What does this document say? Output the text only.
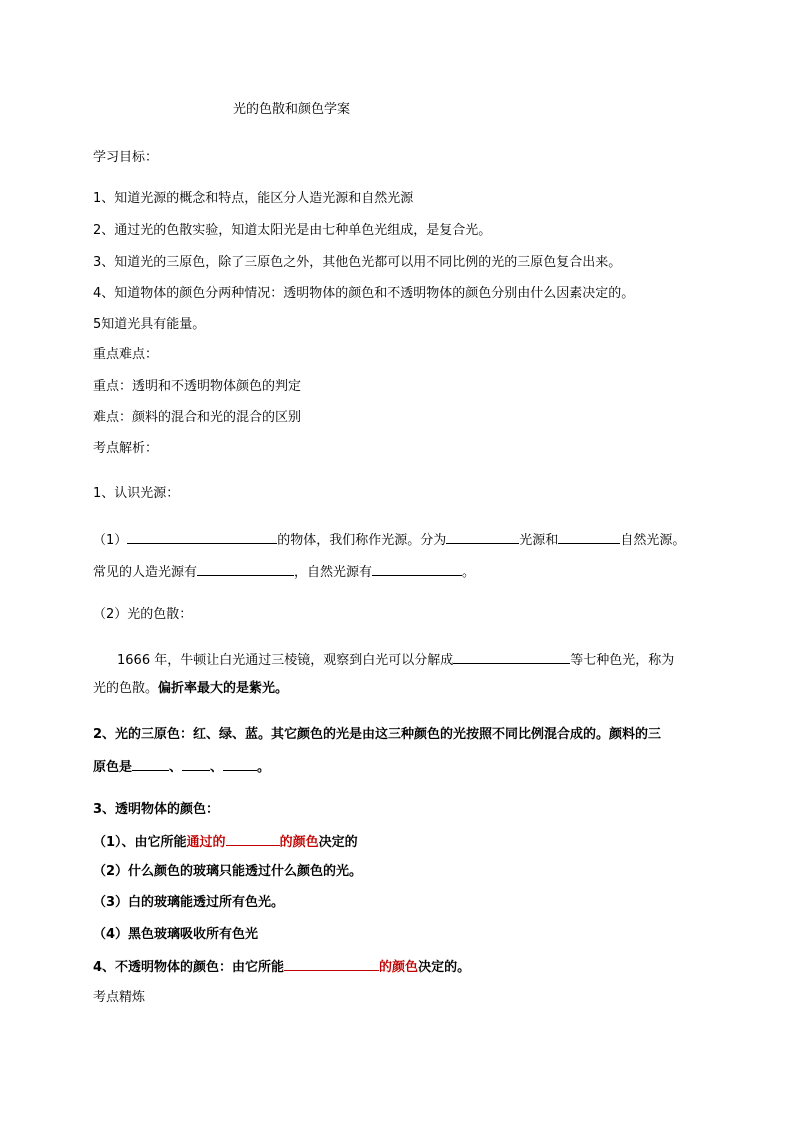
光的色散和颜色学案
学习目标：
1、知道光源的概念和特点，能区分人造光源和自然光源
2、通过光的色散实验，知道太阳光是由七种单色光组成，是复合光。
3、知道光的三原色，除了三原色之外，其他色光都可以用不同比例的光的三原色复合出来。
4、知道物体的颜色分两种情况：透明物体的颜色和不透明物体的颜色分别由什么因素决定的。
5知道光具有能量。
重点难点：
重点：透明和不透明物体颜色的判定
难点：颜料的混合和光的混合的区别
考点解析：
1、认识光源：
（1）	的物体，我们称作光源。分为	光源和	自然光源。
常见的人造光源有	，自然光源有	。
（2）光的色散：
1666 年，牛顿让白光通过三棱镜，观察到白光可以分解成	等七种色光，称为
光的色散。偏折率最大的是紫光。
2、光的三原色：红、绿、蓝。其它颜色的光是由这三种颜色的光按照不同比例混合成的。颜料的三
原色是	、 、	。
3、透明物体的颜色：
（1）、由它所能通过的	的颜色决定的
（2）什么颜色的玻璃只能透过什么颜色的光。
（3）白的玻璃能透过所有色光。
（4）黑色玻璃吸收所有色光
4、不透明物体的颜色：由它所能	的颜色决定的。
考点精炼
